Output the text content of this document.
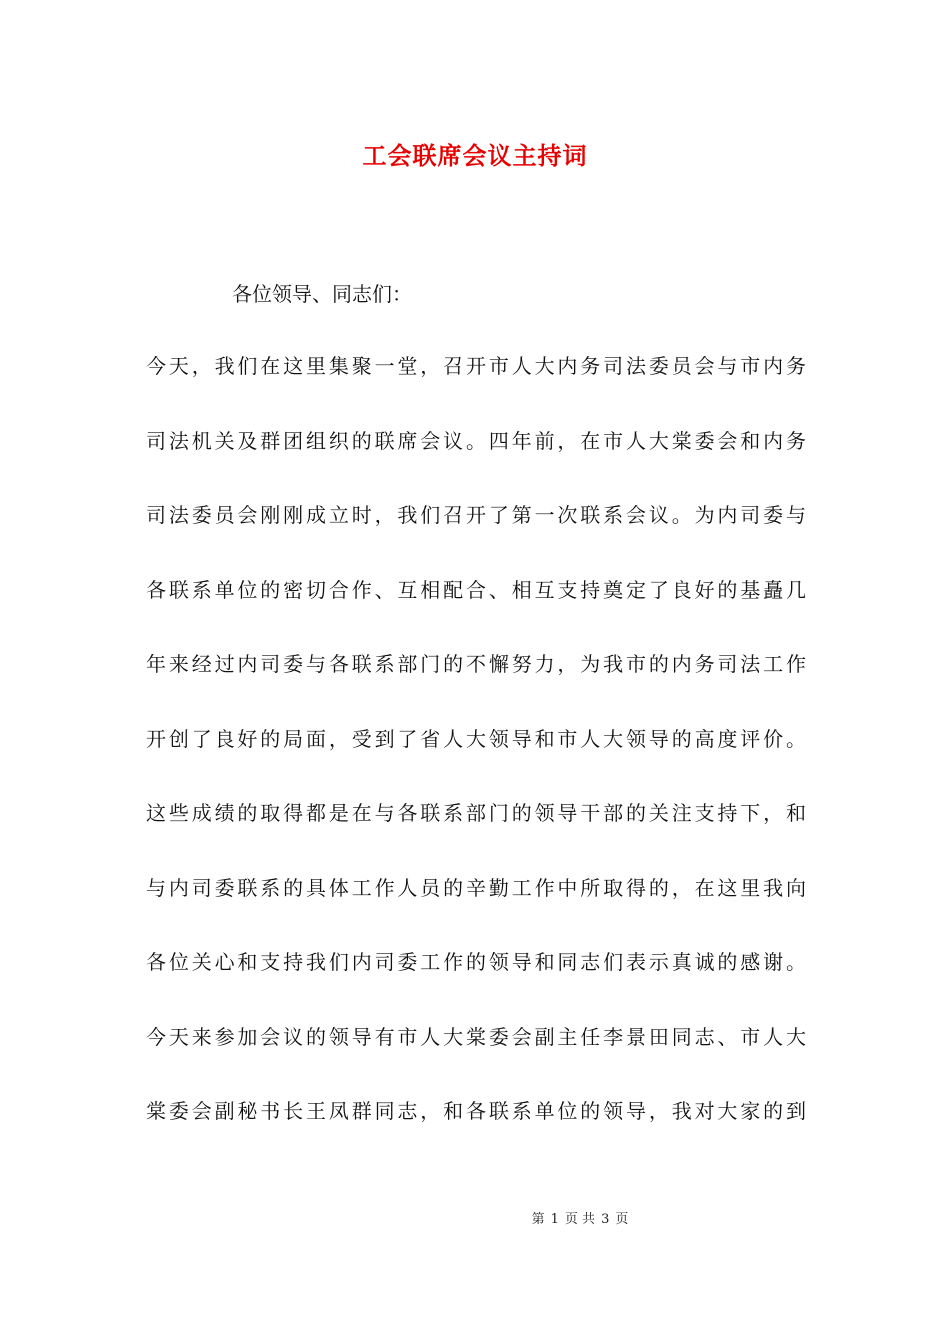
工会联席会议主持词
各位领导、同志们：
今天，我们在这里集聚一堂，召开市人大内务司法委员会与市内务
司法机关及群团组织的联席会议。四年前，在市人大棠委会和内务
司法委员会刚刚成立时，我们召开了第一次联系会议。为内司委与
各联系单位的密切合作、互相配合、相互支持奠定了良好的基矗几
年来经过内司委与各联系部门的不懈努力，为我市的内务司法工作
开创了良好的局面，受到了省人大领导和市人大领导的高度评价。
这些成绩的取得都是在与各联系部门的领导干部的关注支持下，和
与内司委联系的具体工作人员的辛勤工作中所取得的，在这里我向
各位关心和支持我们内司委工作的领导和同志们表示真诚的感谢。
今天来参加会议的领导有市人大棠委会副主任李景田同志、市人大
棠委会副秘书长王凤群同志，和各联系单位的领导，我对大家的到
第 1 页 共 3 页
